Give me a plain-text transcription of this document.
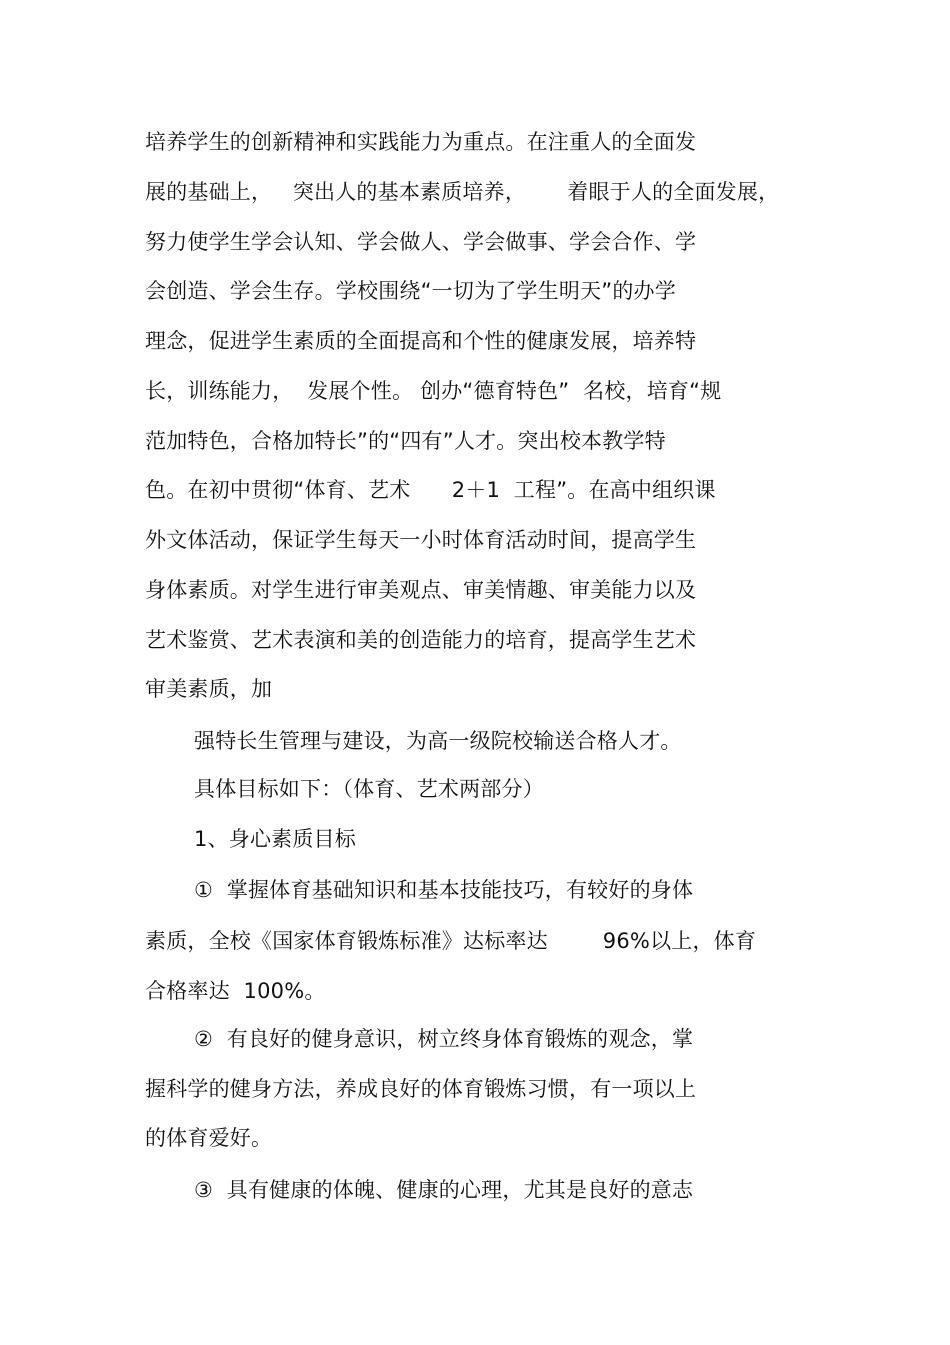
培养学生的创新精神和实践能力为重点。在注重人的全面发
展的基础上，   突出人的基本素质培养，      着眼于人的全面发展，
努力使学生学会认知、学会做人、学会做事、学会合作、学
会创造、学会生存。学校围绕“一切为了学生明天”的办学
理念，促进学生素质的全面提高和个性的健康发展，培养特
长，训练能力，  发展个性。 创办“德育特色”  名校，培育“规
范加特色，合格加特长”的“四有”人才。突出校本教学特
色。在初中贯彻“体育、艺术      2＋1  工程”。在高中组织课
外文体活动，保证学生每天一小时体育活动时间，提高学生
身体素质。对学生进行审美观点、审美情趣、审美能力以及
艺术鉴赏、艺术表演和美的创造能力的培育，提高学生艺术
审美素质，加
强特长生管理与建设，为高一级院校输送合格人才。
具体目标如下：（体育、艺术两部分）
1、身心素质目标
①  掌握体育基础知识和基本技能技巧，有较好的身体
素质，全校《国家体育锻炼标准》达标率达        96%以上，体育
合格率达  100%。
②  有良好的健身意识，树立终身体育锻炼的观念，掌
握科学的健身方法，养成良好的体育锻炼习惯，有一项以上
的体育爱好。
③  具有健康的体魄、健康的心理，尤其是良好的意志
